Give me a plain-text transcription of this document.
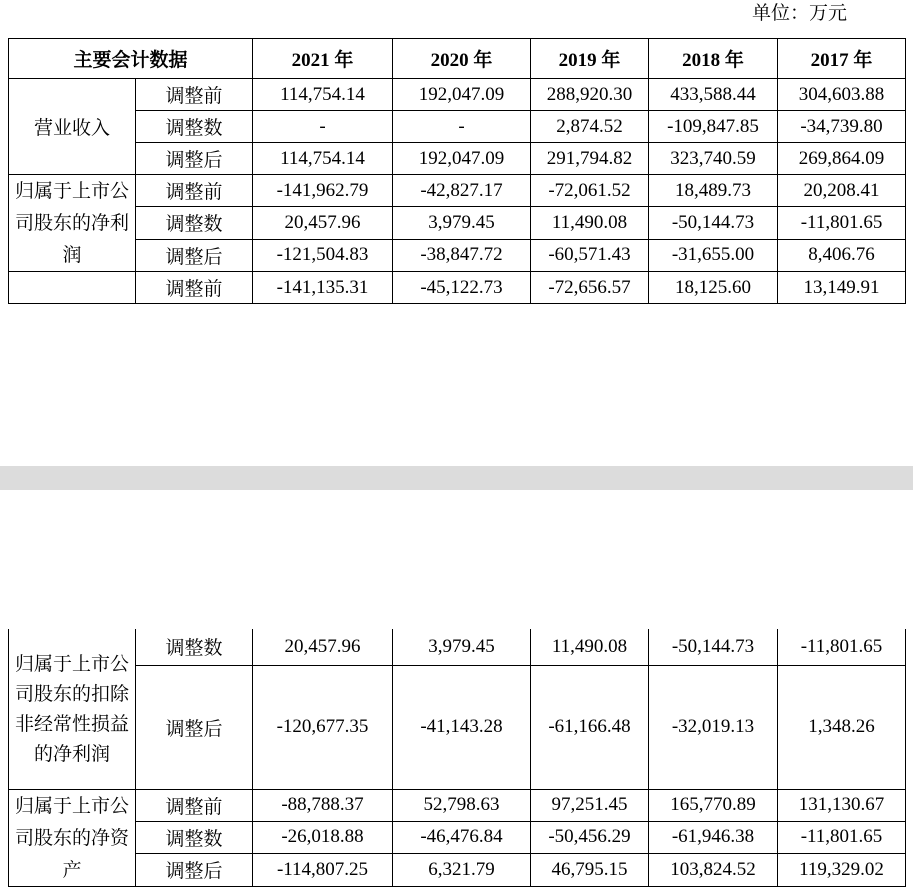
单位：万元
主要会计数据		2021 年	2020 年	2019 年	2018 年	2017 年
营业收入	调整前	114,754.14	192,047.09	288,920.30	433,588.44	304,603.88
	调整数	-	-	2,874.52	-109,847.85	-34,739.80
	调整后	114,754.14	192,047.09	291,794.82	323,740.59	269,864.09
归属于上市公司股东的净利润	调整前	-141,962.79	-42,827.17	-72,061.52	18,489.73	20,208.41
	调整数	20,457.96	3,979.45	11,490.08	-50,144.73	-11,801.65
	调整后	-121,504.83	-38,847.72	-60,571.43	-31,655.00	8,406.76
	调整前	-141,135.31	-45,122.73	-72,656.57	18,125.60	13,149.91
归属于上市公司股东的扣除非经常性损益的净利润	调整数	20,457.96	3,979.45	11,490.08	-50,144.73	-11,801.65
	调整后	-120,677.35	-41,143.28	-61,166.48	-32,019.13	1,348.26
归属于上市公司股东的净资产	调整前	-88,788.37	52,798.63	97,251.45	165,770.89	131,130.67
	调整数	-26,018.88	-46,476.84	-50,456.29	-61,946.38	-11,801.65
	调整后	-114,807.25	6,321.79	46,795.15	103,824.52	119,329.02
